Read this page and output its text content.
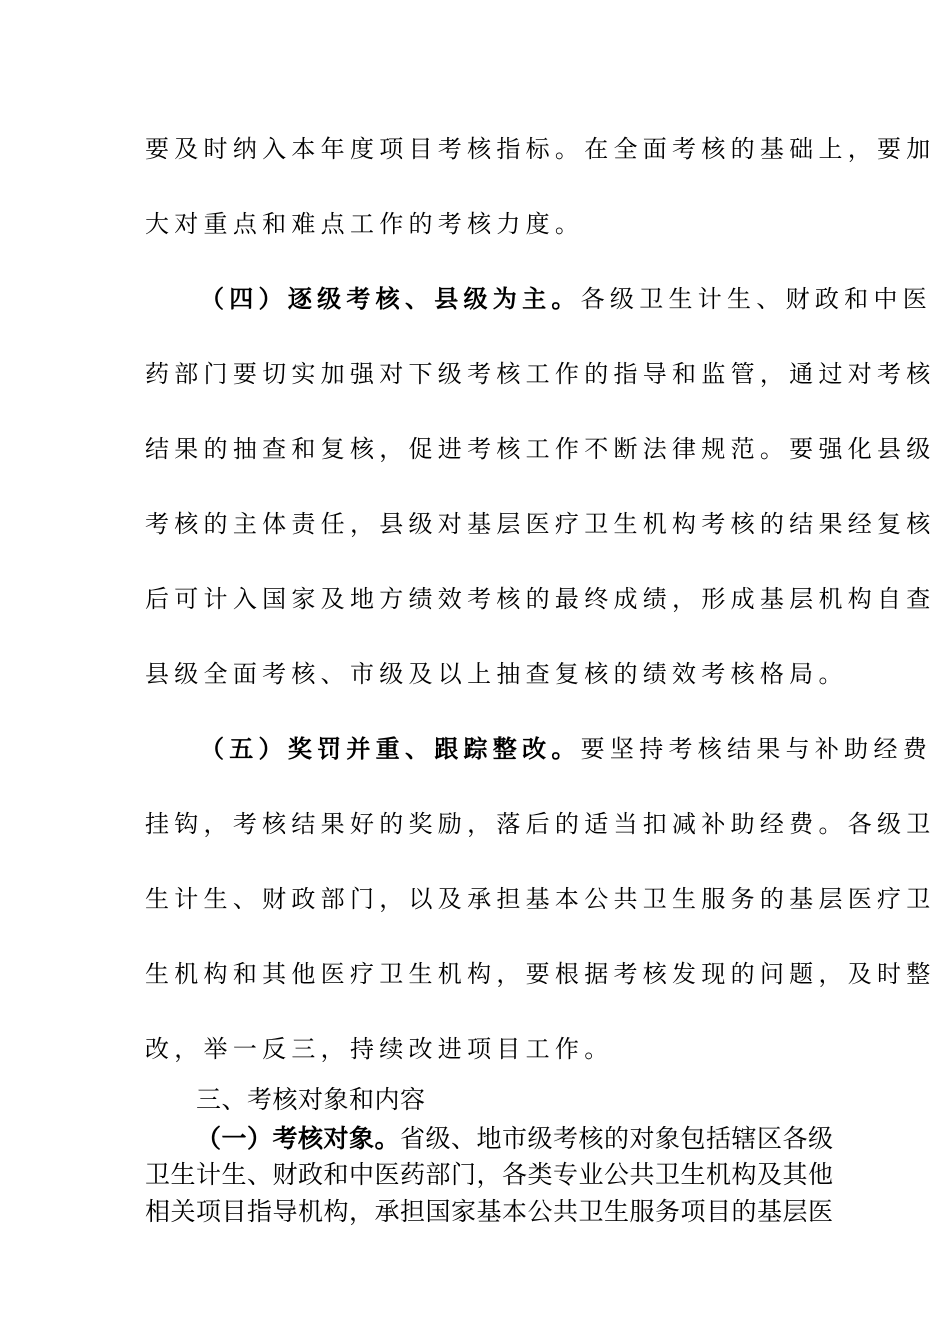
要及时纳入本年度项目考核指标。在全面考核的基础上，要加
大对重点和难点工作的考核力度。
（四）逐级考核、县级为主。各级卫生计生、财政和中医
药部门要切实加强对下级考核工作的指导和监管，通过对考核
结果的抽查和复核，促进考核工作不断法律规范。要强化县级
考核的主体责任，县级对基层医疗卫生机构考核的结果经复核
后可计入国家及地方绩效考核的最终成绩，形成基层机构自查
县级全面考核、市级及以上抽查复核的绩效考核格局。
（五）奖罚并重、跟踪整改。要坚持考核结果与补助经费
挂钩，考核结果好的奖励，落后的适当扣减补助经费。各级卫
生计生、财政部门，以及承担基本公共卫生服务的基层医疗卫
生机构和其他医疗卫生机构，要根据考核发现的问题，及时整
改，举一反三，持续改进项目工作。
三、考核对象和内容
（一）考核对象。省级、地市级考核的对象包括辖区各级
卫生计生、财政和中医药部门，各类专业公共卫生机构及其他
相关项目指导机构，承担国家基本公共卫生服务项目的基层医
